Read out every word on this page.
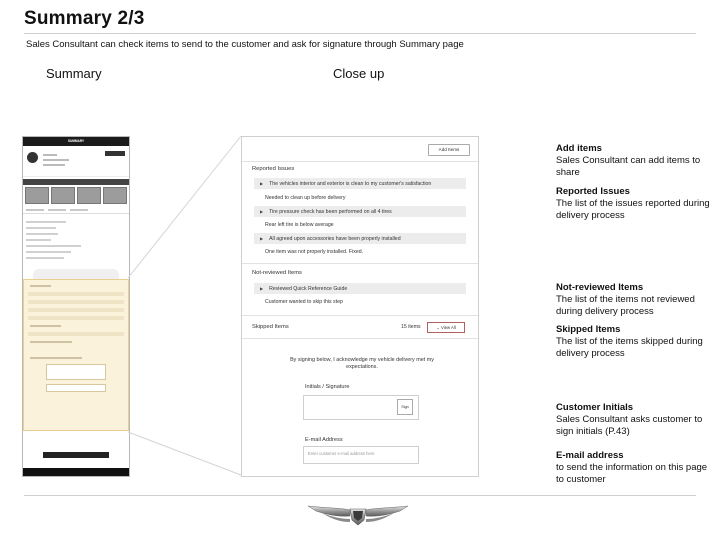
Summary 2/3
Sales Consultant can check items to send to the customer and ask for signature through Summary page
Summary	Close up
SUMMARY
Add Items
Reported Issues
▶ The vehicles interior and exterior is clean to my customer's satisfaction
Needed to clean up before delivery
▶ Tire pressure check has been performed on all 4 tires
Rear left tire is below average
▶ All agreed upon accessories have been properly installed
One item was not properly installed. Fixed.
Not-reviewed Items
▶ Reviewed Quick Reference Guide
Customer wanted to skip this step
Skipped Items	15 items	⌄ View All
By signing below, I acknowledge my vehicle delivery met my expectations.
Initials / Signature
Sign
E-mail Address
Enter customer e-mail address here
Add items
Sales Consultant can add items to share
Reported Issues
The list of the issues reported during delivery process
Not-reviewed Items
The list of the items not reviewed during delivery process
Skipped Items
The list of the items skipped during delivery process
Customer Initials
Sales Consultant asks customer to sign initials (P.43)
E-mail address
to send the information on this page to customer
